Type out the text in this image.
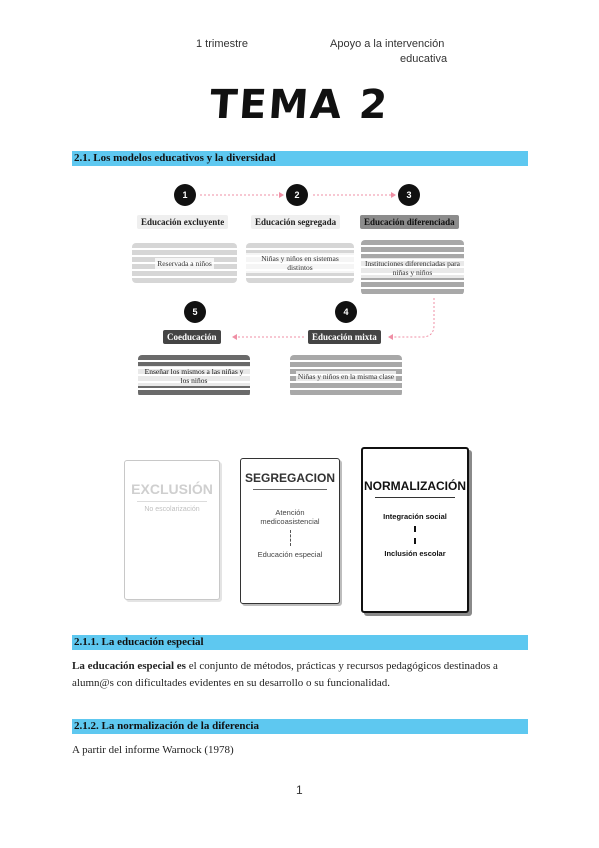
1 trimestre	Apoyo a la intervención
educativa
TEMA 2
2.1. Los modelos educativos y la diversidad
1
Educación excluyente
Reservada a niños
2
Educación segregada
Niñas y niños en sistemas distintos
3
Educación diferenciada
Instituciones diferenciadas para niñas y niños
5
Coeducación
Enseñar los mismos a las niñas y los niños
4
Educación mixta
Niñas y niños en la misma clase
EXCLUSIÓN
No escolarización
SEGREGACION
Atención medicoasistencial
Educación especial
NORMALIZACIÓN
Integración social
Inclusión escolar
2.1.1. La educación especial
La educación especial es el conjunto de métodos, prácticas y recursos pedagógicos destinados a alumn@s con dificultades evidentes en su desarrollo o su funcionalidad.
2.1.2. La normalización de la diferencia
A partir del informe Warnock (1978)
1
